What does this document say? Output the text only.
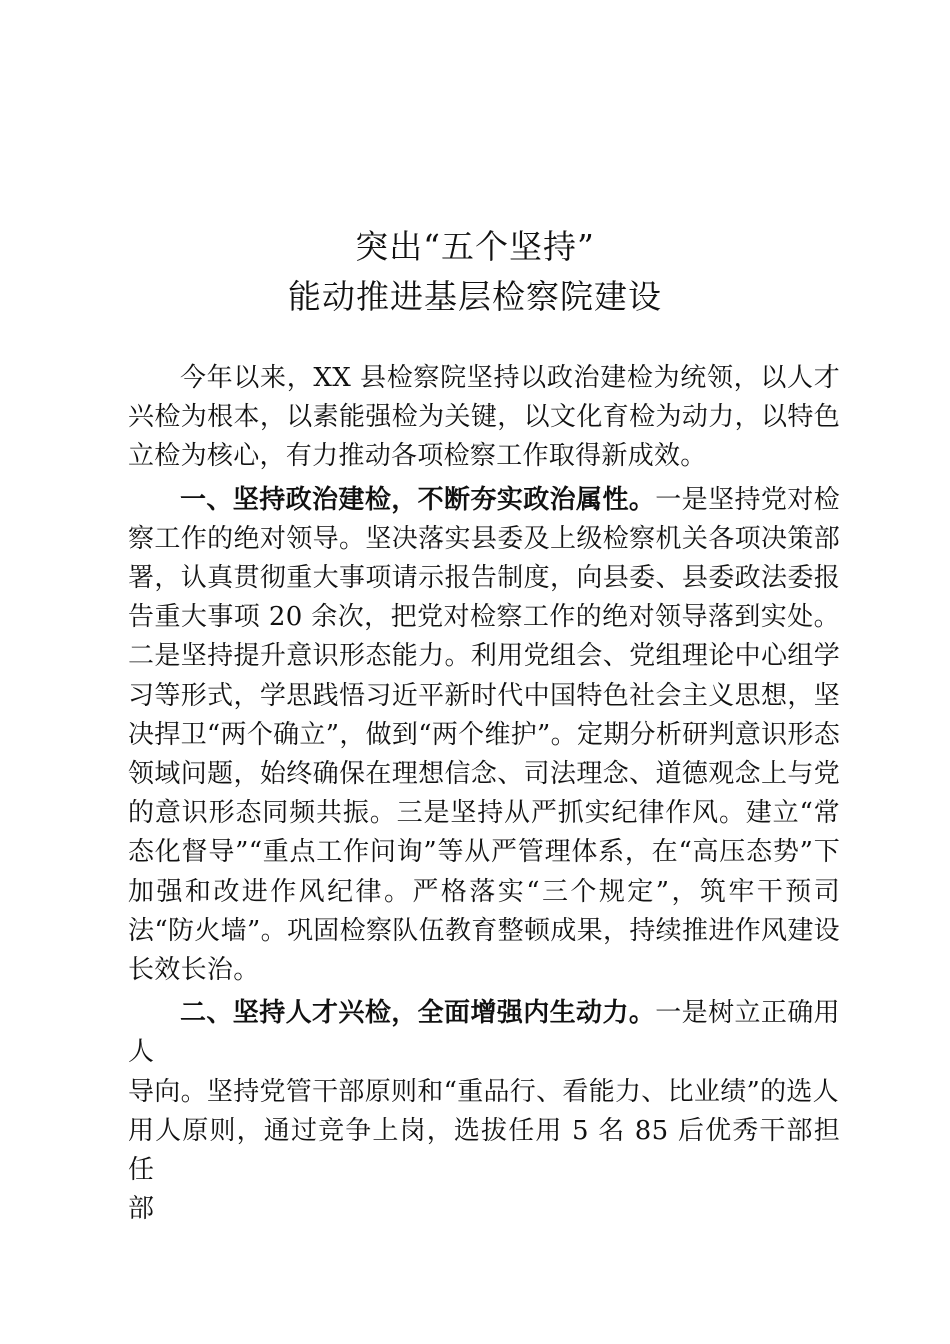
突出“五个坚持”
能动推进基层检察院建设

今年以来，XX 县检察院坚持以政治建检为统领，以人才兴检为根本，以素能强检为关键，以文化育检为动力，以特色立检为核心，有力推动各项检察工作取得新成效。

一、坚持政治建检，不断夯实政治属性。一是坚持党对检察工作的绝对领导。坚决落实县委及上级检察机关各项决策部署，认真贯彻重大事项请示报告制度，向县委、县委政法委报告重大事项 20 余次，把党对检察工作的绝对领导落到实处。二是坚持提升意识形态能力。利用党组会、党组理论中心组学习等形式，学思践悟习近平新时代中国特色社会主义思想，坚决捍卫“两个确立”，做到“两个维护”。定期分析研判意识形态领域问题，始终确保在理想信念、司法理念、道德观念上与党的意识形态同频共振。三是坚持从严抓实纪律作风。建立“常态化督导”“重点工作问询”等从严管理体系，在“高压态势”下加强和改进作风纪律。严格落实“三个规定”，筑牢干预司法“防火墙”。巩固检察队伍教育整顿成果，持续推进作风建设长效长治。

二、坚持人才兴检，全面增强内生动力。一是树立正确用人
导向。坚持党管干部原则和“重品行、看能力、比业绩”的选人
用人原则，通过竞争上岗，选拔任用 5 名 85 后优秀干部担任
部
